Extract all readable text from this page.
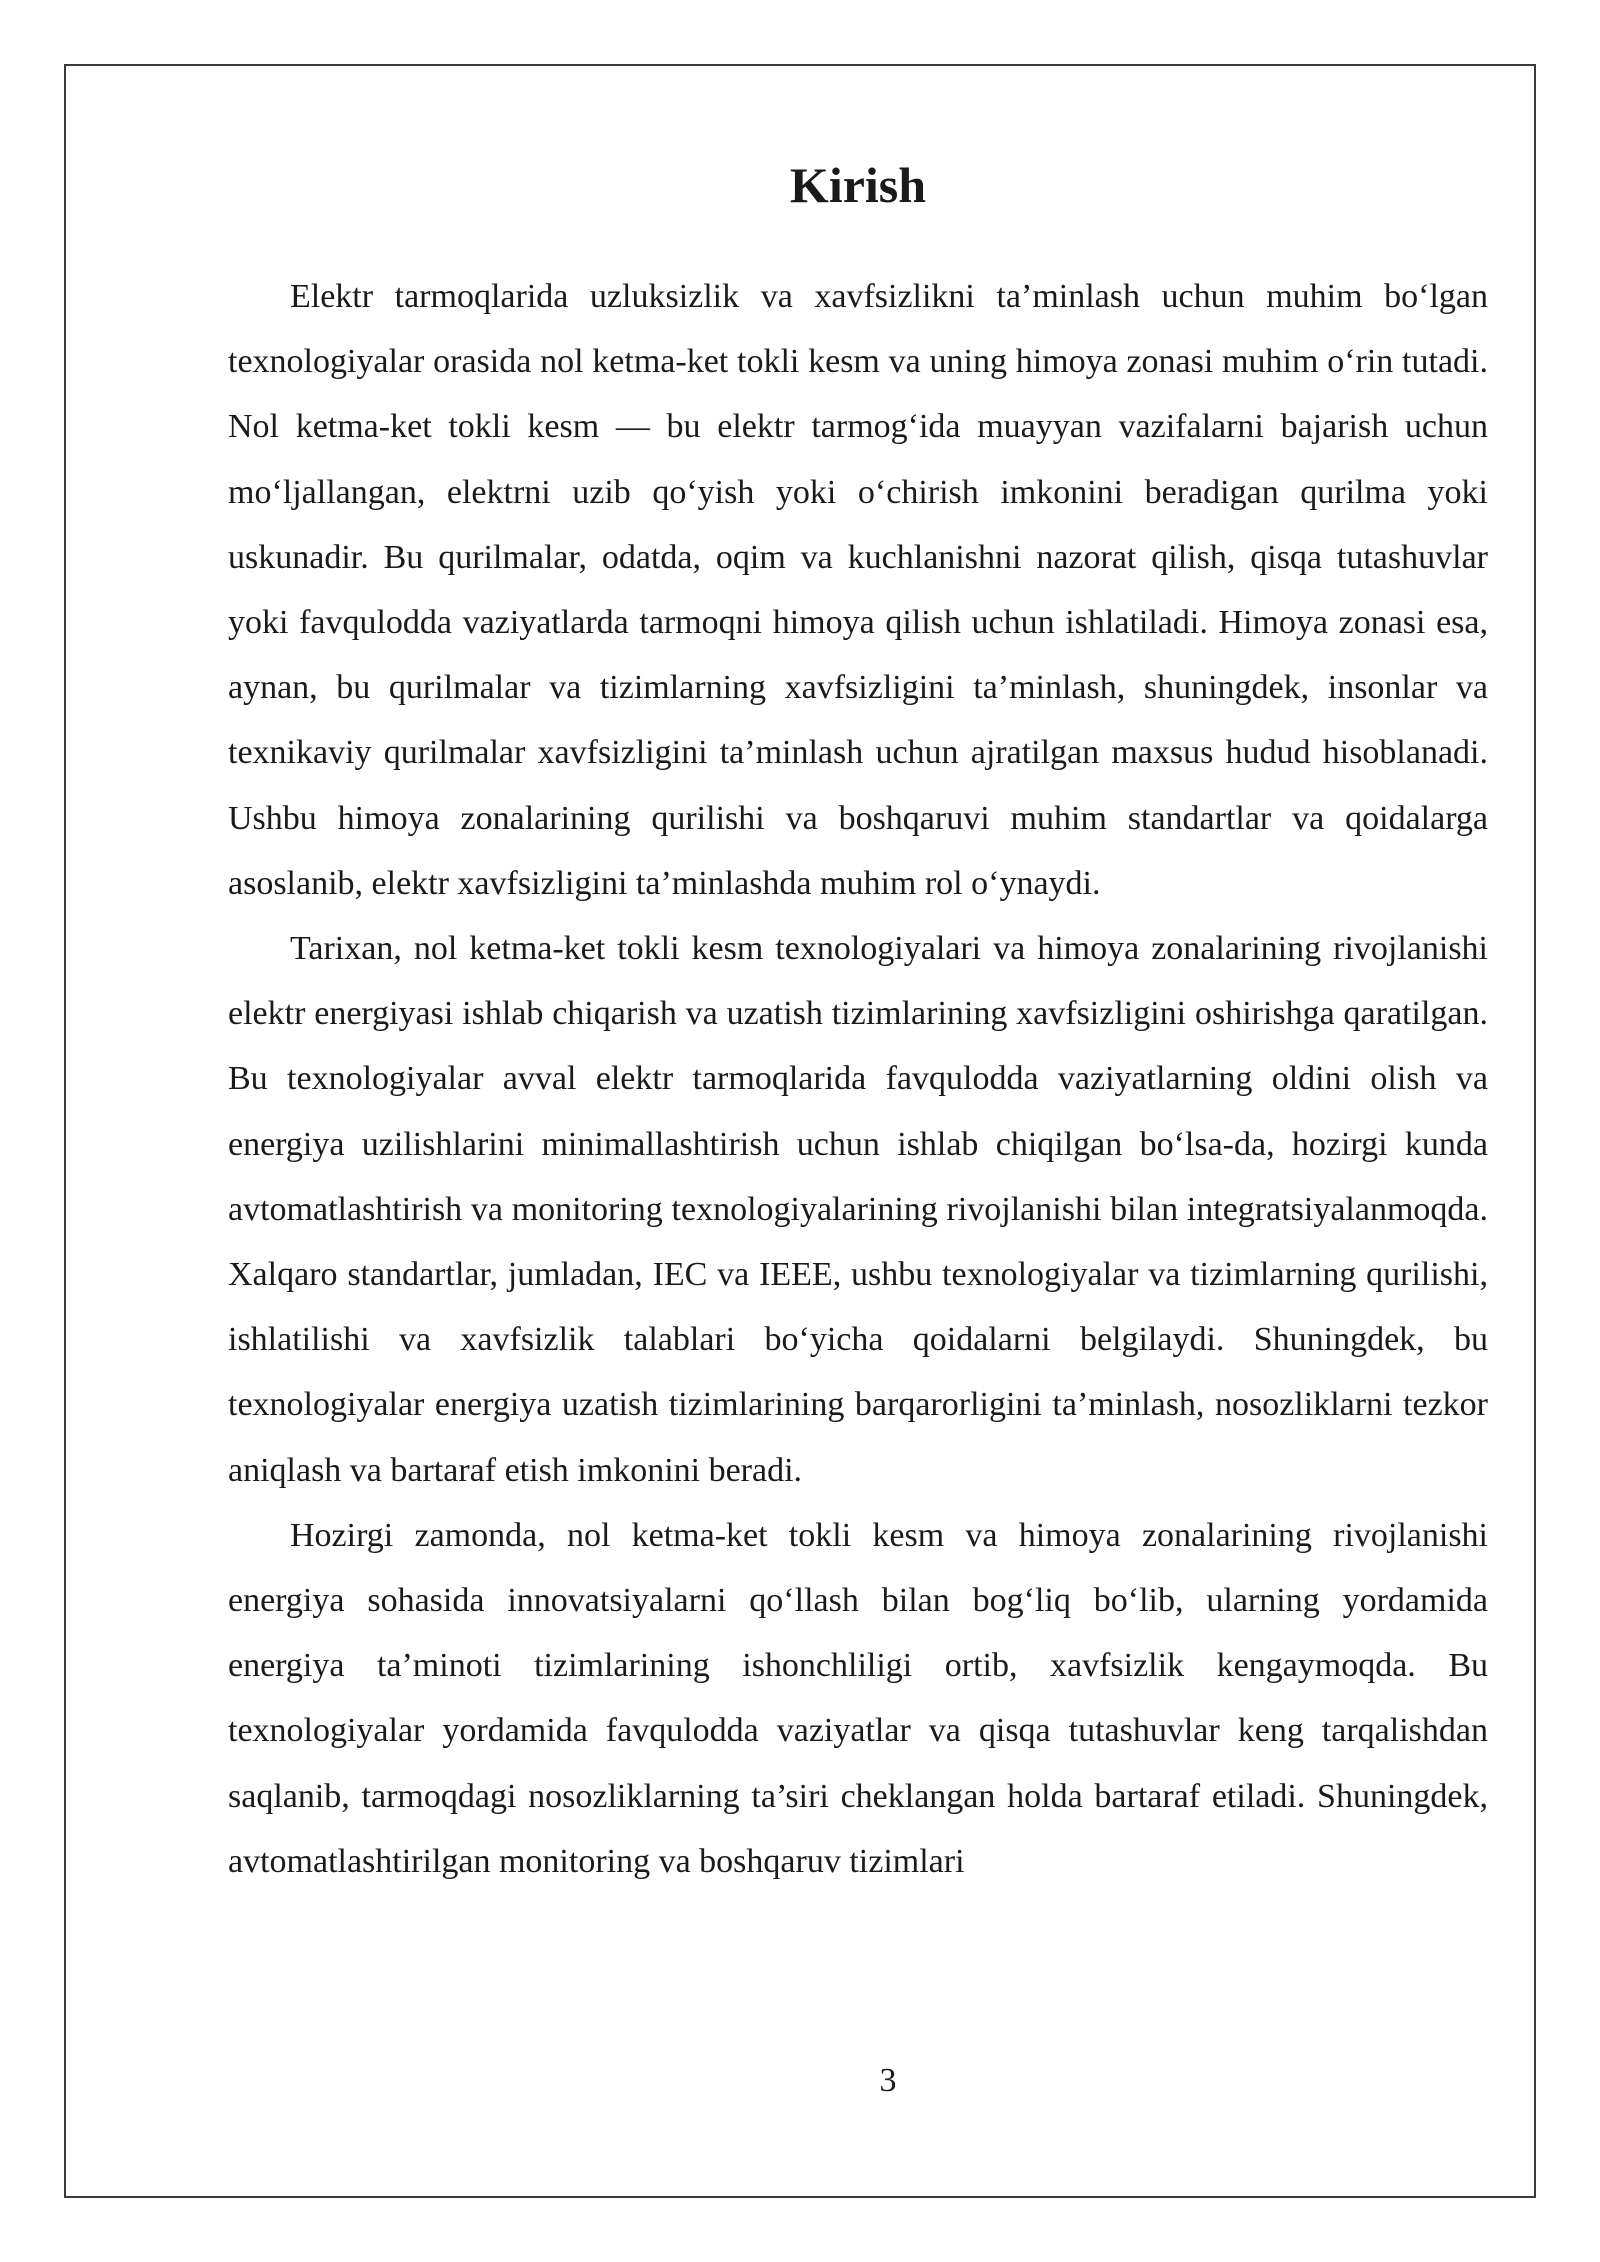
Kirish

Elektr tarmoqlarida uzluksizlik va xavfsizlikni ta’minlash uchun muhim bo‘lgan texnologiyalar orasida nol ketma-ket tokli kesm va uning himoya zonasi muhim o‘rin tutadi. Nol ketma-ket tokli kesm — bu elektr tarmog‘ida muayyan vazifalarni bajarish uchun mo‘ljallangan, elektrni uzib qo‘yish yoki o‘chirish imkonini beradigan qurilma yoki uskunadir. Bu qurilmalar, odatda, oqim va kuchlanishni nazorat qilish, qisqa tutashuvlar yoki favqulodda vaziyatlarda tarmoqni himoya qilish uchun ishlatiladi. Himoya zonasi esa, aynan, bu qurilmalar va tizimlarning xavfsizligini ta’minlash, shuningdek, insonlar va texnikaviy qurilmalar xavfsizligini ta’minlash uchun ajratilgan maxsus hudud hisoblanadi. Ushbu himoya zonalarining qurilishi va boshqaruvi muhim standartlar va qoidalarga asoslanib, elektr xavfsizligini ta’minlashda muhim rol o‘ynaydi.

Tarixan, nol ketma-ket tokli kesm texnologiyalari va himoya zonalarining rivojlanishi elektr energiyasi ishlab chiqarish va uzatish tizimlarining xavfsizligini oshirishga qaratilgan. Bu texnologiyalar avval elektr tarmoqlarida favqulodda vaziyatlarning oldini olish va energiya uzilishlarini minimallashtirish uchun ishlab chiqilgan bo‘lsa-da, hozirgi kunda avtomatlashtirish va monitoring texnologiyalarining rivojlanishi bilan integratsiyalanmoqda. Xalqaro standartlar, jumladan, IEC va IEEE, ushbu texnologiyalar va tizimlarning qurilishi, ishlatilishi va xavfsizlik talablari bo‘yicha qoidalarni belgilaydi. Shuningdek, bu texnologiyalar energiya uzatish tizimlarining barqarorligini ta’minlash, nosozliklarni tezkor aniqlash va bartaraf etish imkonini beradi.

Hozirgi zamonda, nol ketma-ket tokli kesm va himoya zonalarining rivojlanishi energiya sohasida innovatsiyalarni qo‘llash bilan bog‘liq bo‘lib, ularning yordamida energiya ta’minoti tizimlarining ishonchliligi ortib, xavfsizlik kengaymoqda. Bu texnologiyalar yordamida favqulodda vaziyatlar va qisqa tutashuvlar keng tarqalishdan saqlanib, tarmoqdagi nosozliklarning ta’siri cheklangan holda bartaraf etiladi. Shuningdek, avtomatlashtirilgan monitoring va boshqaruv tizimlari

3
